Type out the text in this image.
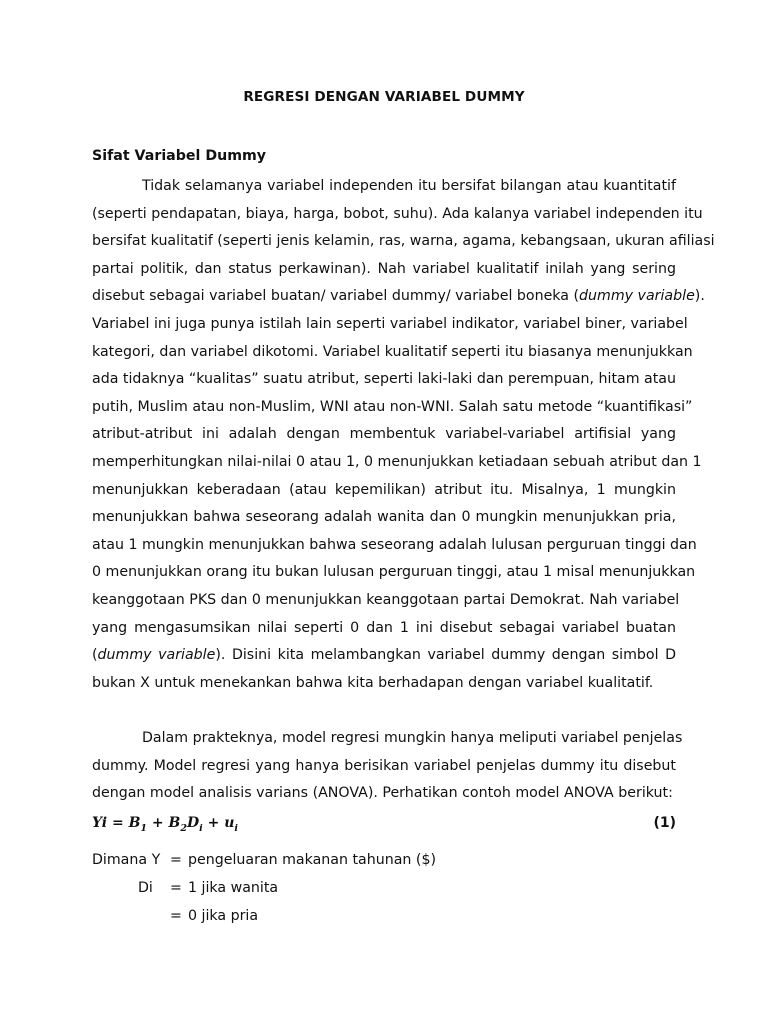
REGRESI DENGAN VARIABEL DUMMY
Sifat Variabel Dummy
Tidak selamanya variabel independen itu bersifat bilangan atau kuantitatif
(seperti pendapatan, biaya, harga, bobot, suhu). Ada kalanya variabel independen itu
bersifat kualitatif (seperti jenis kelamin, ras, warna, agama, kebangsaan, ukuran afiliasi
partai politik, dan status perkawinan). Nah variabel kualitatif inilah yang sering
disebut sebagai variabel buatan/ variabel dummy/ variabel boneka (dummy variable).
Variabel ini juga punya istilah lain seperti variabel indikator, variabel biner, variabel
kategori, dan variabel dikotomi. Variabel kualitatif seperti itu biasanya menunjukkan
ada tidaknya “kualitas” suatu atribut, seperti laki-laki dan perempuan, hitam atau
putih, Muslim atau non-Muslim, WNI atau non-WNI. Salah satu metode “kuantifikasi”
atribut-atribut ini adalah dengan membentuk variabel-variabel artifisial yang
memperhitungkan nilai-nilai 0 atau 1, 0 menunjukkan ketiadaan sebuah atribut dan 1
menunjukkan keberadaan (atau kepemilikan) atribut itu. Misalnya, 1 mungkin
menunjukkan bahwa seseorang adalah wanita dan 0 mungkin menunjukkan pria,
atau 1 mungkin menunjukkan bahwa seseorang adalah lulusan perguruan tinggi dan
0 menunjukkan orang itu bukan lulusan perguruan tinggi, atau 1 misal menunjukkan
keanggotaan PKS dan 0 menunjukkan keanggotaan partai Demokrat. Nah variabel
yang mengasumsikan nilai seperti 0 dan 1 ini disebut sebagai variabel buatan
(dummy variable). Disini kita melambangkan variabel dummy dengan simbol D
bukan X untuk menekankan bahwa kita berhadapan dengan variabel kualitatif.
Dalam prakteknya, model regresi mungkin hanya meliputi variabel penjelas
dummy. Model regresi yang hanya berisikan variabel penjelas dummy itu disebut
dengan model analisis varians (ANOVA). Perhatikan contoh model ANOVA berikut:
$Yi = B_1 + B_2D_i + u_i$	(1)
Dimana Y = pengeluaran makanan tahunan ($)
Di = 1 jika wanita
= 0 jika pria
